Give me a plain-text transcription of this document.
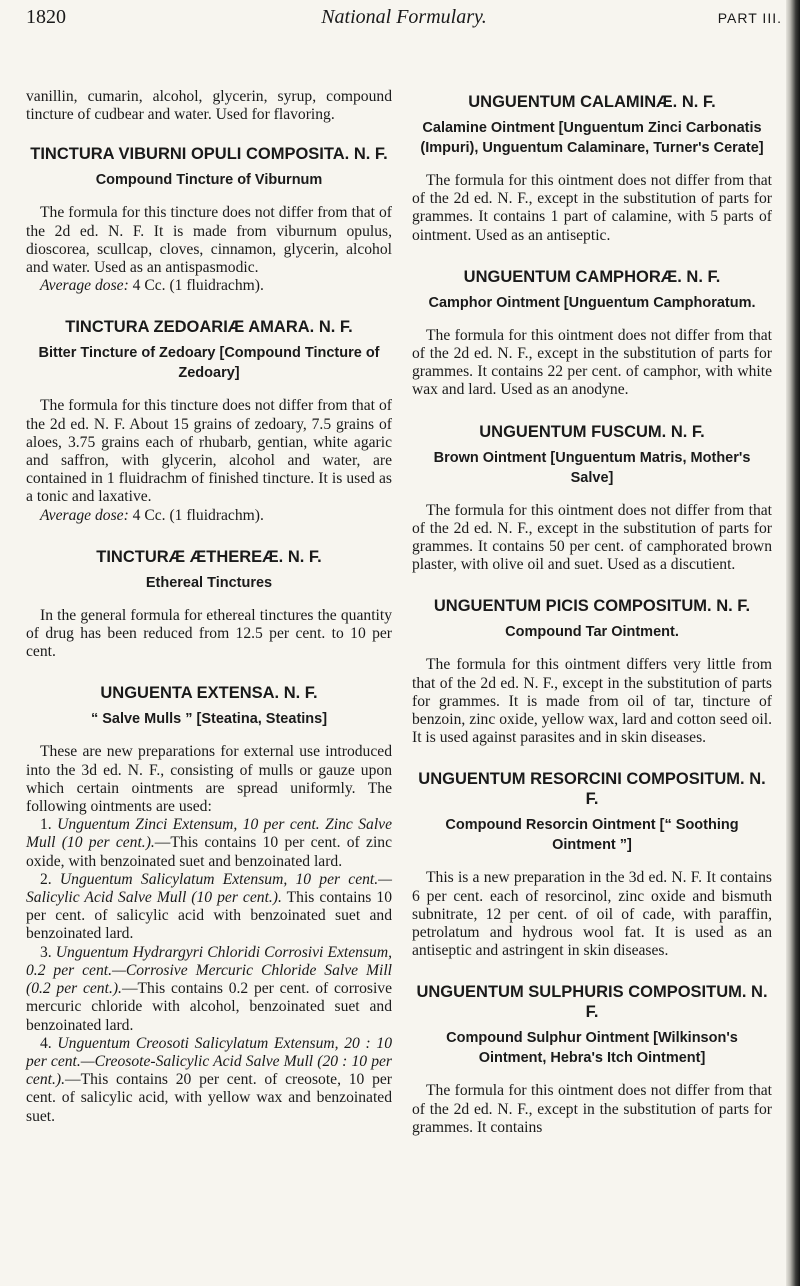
1820	National Formulary.	PART III.

vanillin, cumarin, alcohol, glycerin, syrup, compound tincture of cudbear and water. Used for flavoring.

TINCTURA VIBURNI OPULI COMPOSITA. N. F.
Compound Tincture of Viburnum

The formula for this tincture does not differ from that of the 2d ed. N. F. It is made from viburnum opulus, dioscorea, scullcap, cloves, cinnamon, glycerin, alcohol and water. Used as an antispasmodic.

Average dose: 4 Cc. (1 fluidrachm).

TINCTURA ZEDOARIÆ AMARA. N. F.
Bitter Tincture of Zedoary [Compound Tincture of Zedoary]

The formula for this tincture does not differ from that of the 2d ed. N. F. About 15 grains of zedoary, 7.5 grains of aloes, 3.75 grains each of rhubarb, gentian, white agaric and saffron, with glycerin, alcohol and water, are contained in 1 fluidrachm of finished tincture. It is used as a tonic and laxative.

Average dose: 4 Cc. (1 fluidrachm).

TINCTURÆ ÆTHEREÆ. N. F.
Ethereal Tinctures

In the general formula for ethereal tinctures the quantity of drug has been reduced from 12.5 per cent. to 10 per cent.

UNGUENTA EXTENSA. N. F.
“ Salve Mulls ” [Steatina, Steatins]

These are new preparations for external use introduced into the 3d ed. N. F., consisting of mulls or gauze upon which certain ointments are spread uniformly. The following ointments are used:

1. Unguentum Zinci Extensum, 10 per cent. Zinc Salve Mull (10 per cent.).—This contains 10 per cent. of zinc oxide, with benzoinated suet and benzoinated lard.

2. Unguentum Salicylatum Extensum, 10 per cent.—Salicylic Acid Salve Mull (10 per cent.). This contains 10 per cent. of salicylic acid with benzoinated suet and benzoinated lard.

3. Unguentum Hydrargyri Chloridi Corrosivi Extensum, 0.2 per cent.—Corrosive Mercuric Chloride Salve Mill (0.2 per cent.).—This contains 0.2 per cent. of corrosive mercuric chloride with alcohol, benzoinated suet and benzoinated lard.

4. Unguentum Creosoti Salicylatum Extensum, 20 : 10 per cent.—Creosote-Salicylic Acid Salve Mull (20 : 10 per cent.).—This contains 20 per cent. of creosote, 10 per cent. of salicylic acid, with yellow wax and benzoinated suet.

UNGUENTUM CALAMINÆ. N. F.
Calamine Ointment [Unguentum Zinci Carbonatis (Impuri), Unguentum Calaminare, Turner's Cerate]

The formula for this ointment does not differ from that of the 2d ed. N. F., except in the substitution of parts for grammes. It contains 1 part of calamine, with 5 parts of ointment. Used as an antiseptic.

UNGUENTUM CAMPHORÆ. N. F.
Camphor Ointment [Unguentum Camphoratum.

The formula for this ointment does not differ from that of the 2d ed. N. F., except in the substitution of parts for grammes. It contains 22 per cent. of camphor, with white wax and lard. Used as an anodyne.

UNGUENTUM FUSCUM. N. F.
Brown Ointment [Unguentum Matris, Mother's Salve]

The formula for this ointment does not differ from that of the 2d ed. N. F., except in the substitution of parts for grammes. It contains 50 per cent. of camphorated brown plaster, with olive oil and suet. Used as a discutient.

UNGUENTUM PICIS COMPOSITUM. N. F.
Compound Tar Ointment.

The formula for this ointment differs very little from that of the 2d ed. N. F., except in the substitution of parts for grammes. It is made from oil of tar, tincture of benzoin, zinc oxide, yellow wax, lard and cotton seed oil. It is used against parasites and in skin diseases.

UNGUENTUM RESORCINI COMPOSITUM. N. F.
Compound Resorcin Ointment [“ Soothing Ointment ”]

This is a new preparation in the 3d ed. N. F. It contains 6 per cent. each of resorcinol, zinc oxide and bismuth subnitrate, 12 per cent. of oil of cade, with paraffin, petrolatum and hydrous wool fat. It is used as an antiseptic and astringent in skin diseases.

UNGUENTUM SULPHURIS COMPOSITUM. N. F.
Compound Sulphur Ointment [Wilkinson's Ointment, Hebra's Itch Ointment]

The formula for this ointment does not differ from that of the 2d ed. N. F., except in the substitution of parts for grammes. It contains
